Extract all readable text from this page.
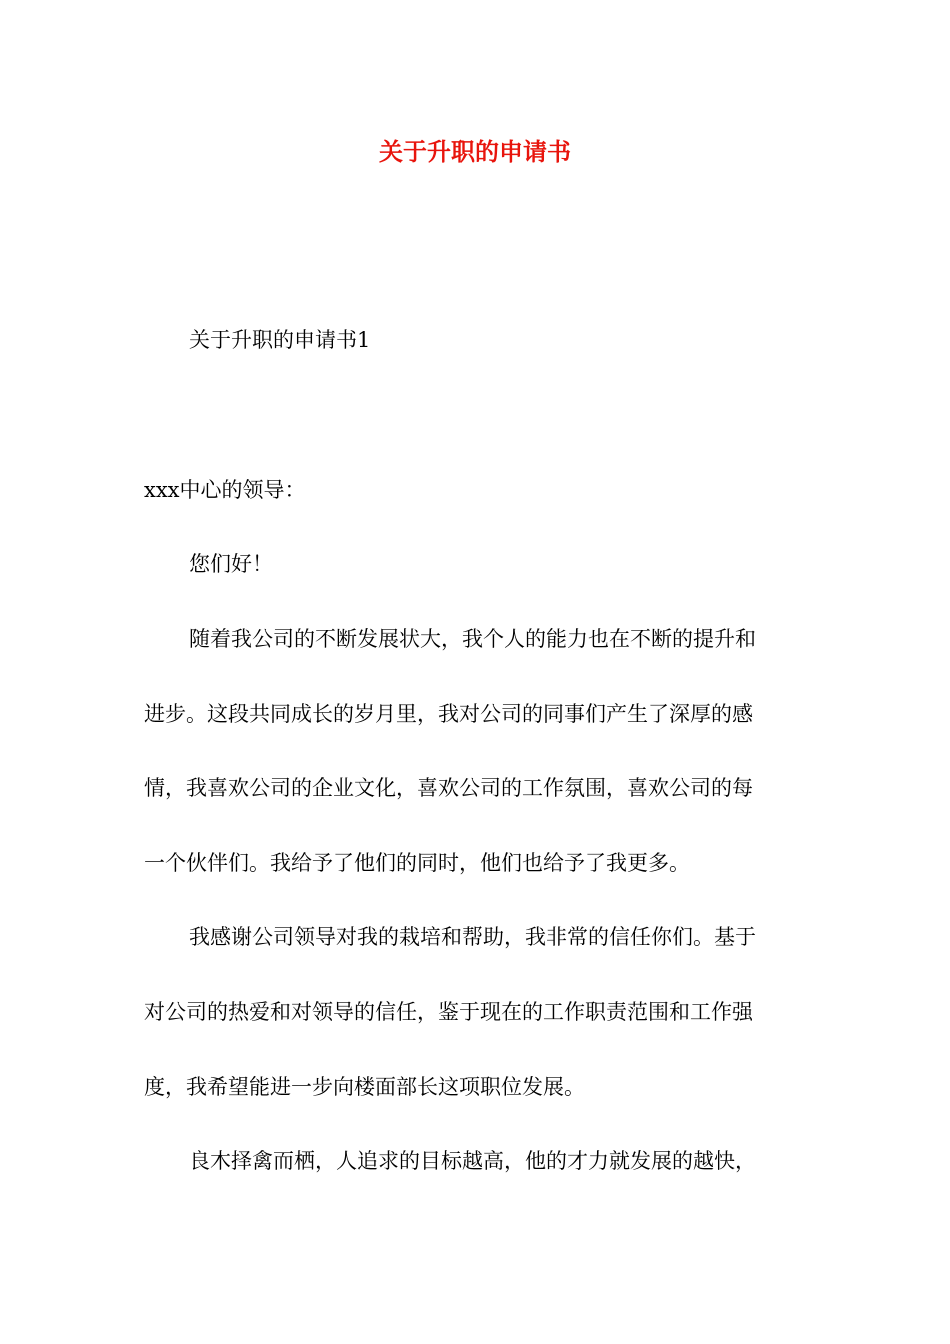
关于升职的申请书
关于升职的申请书1
xxx中心的领导：
您们好！
随着我公司的不断发展状大，我个人的能力也在不断的提升和
进步。这段共同成长的岁月里，我对公司的同事们产生了深厚的感
情，我喜欢公司的企业文化，喜欢公司的工作氛围，喜欢公司的每
一个伙伴们。我给予了他们的同时，他们也给予了我更多。
我感谢公司领导对我的栽培和帮助，我非常的信任你们。基于
对公司的热爱和对领导的信任，鉴于现在的工作职责范围和工作强
度，我希望能进一步向楼面部长这项职位发展。
良木择禽而栖，人追求的目标越高，他的才力就发展的越快，
